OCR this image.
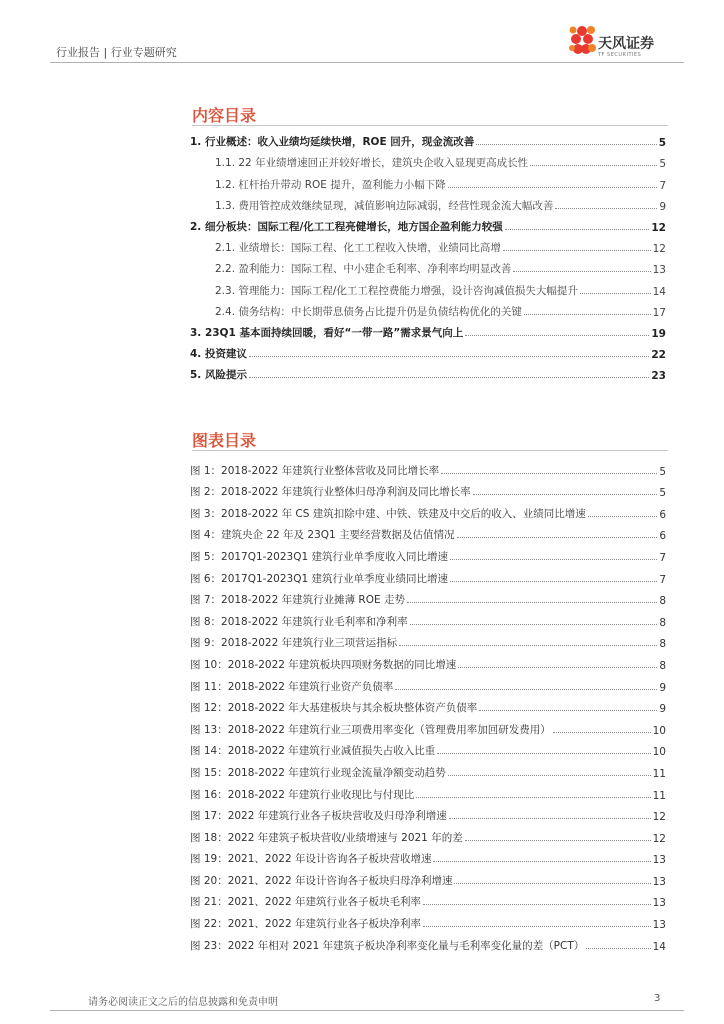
行业报告 | 行业专题研究
天风证券
TF SECURITIES
内容目录
1. 行业概述：收入业绩均延续快增，ROE 回升，现金流改善	5
1.1. 22 年业绩增速回正并较好增长，建筑央企收入显现更高成长性	5
1.2. 杠杆抬升带动 ROE 提升，盈利能力小幅下降	7
1.3. 费用管控成效继续显现，减值影响边际减弱，经营性现金流大幅改善	9
2. 细分板块：国际工程/化工工程亮健增长，地方国企盈利能力较强	12
2.1. 业绩增长：国际工程、化工工程收入快增，业绩同比高增	12
2.2. 盈利能力：国际工程、中小建企毛利率、净利率均明显改善	13
2.3. 管理能力：国际工程/化工工程控费能力增强，设计咨询减值损失大幅提升	14
2.4. 债务结构：中长期带息债务占比提升仍是负债结构优化的关键	17
3. 23Q1 基本面持续回暖，看好“一带一路”需求景气向上	19
4. 投资建议	22
5. 风险提示	23
图表目录
图 1：2018-2022 年建筑行业整体营收及同比增长率	5
图 2：2018-2022 年建筑行业整体归母净利润及同比增长率	5
图 3：2018-2022 年 CS 建筑扣除中建、中铁、铁建及中交后的收入、业绩同比增速	6
图 4：建筑央企 22 年及 23Q1 主要经营数据及估值情况	6
图 5：2017Q1-2023Q1 建筑行业单季度收入同比增速	7
图 6：2017Q1-2023Q1 建筑行业单季度业绩同比增速	7
图 7：2018-2022 年建筑行业摊薄 ROE 走势	8
图 8：2018-2022 年建筑行业毛利率和净利率	8
图 9：2018-2022 年建筑行业三项营运指标	8
图 10：2018-2022 年建筑板块四项财务数据的同比增速	8
图 11：2018-2022 年建筑行业资产负债率	9
图 12：2018-2022 年大基建板块与其余板块整体资产负债率	9
图 13：2018-2022 年建筑行业三项费用率变化（管理费用率加回研发费用）	10
图 14：2018-2022 年建筑行业减值损失占收入比重	10
图 15：2018-2022 年建筑行业现金流量净额变动趋势	11
图 16：2018-2022 年建筑行业收现比与付现比	11
图 17：2022 年建筑行业各子板块营收及归母净利增速	12
图 18：2022 年建筑子板块营收/业绩增速与 2021 年的差	12
图 19：2021、2022 年设计咨询各子板块营收增速	13
图 20：2021、2022 年设计咨询各子板块归母净利增速	13
图 21：2021、2022 年建筑行业各子板块毛利率	13
图 22：2021、2022 年建筑行业各子板块净利率	13
图 23：2022 年相对 2021 年建筑子板块净利率变化量与毛利率变化量的差（PCT）	14
请务必阅读正文之后的信息披露和免责申明	3
